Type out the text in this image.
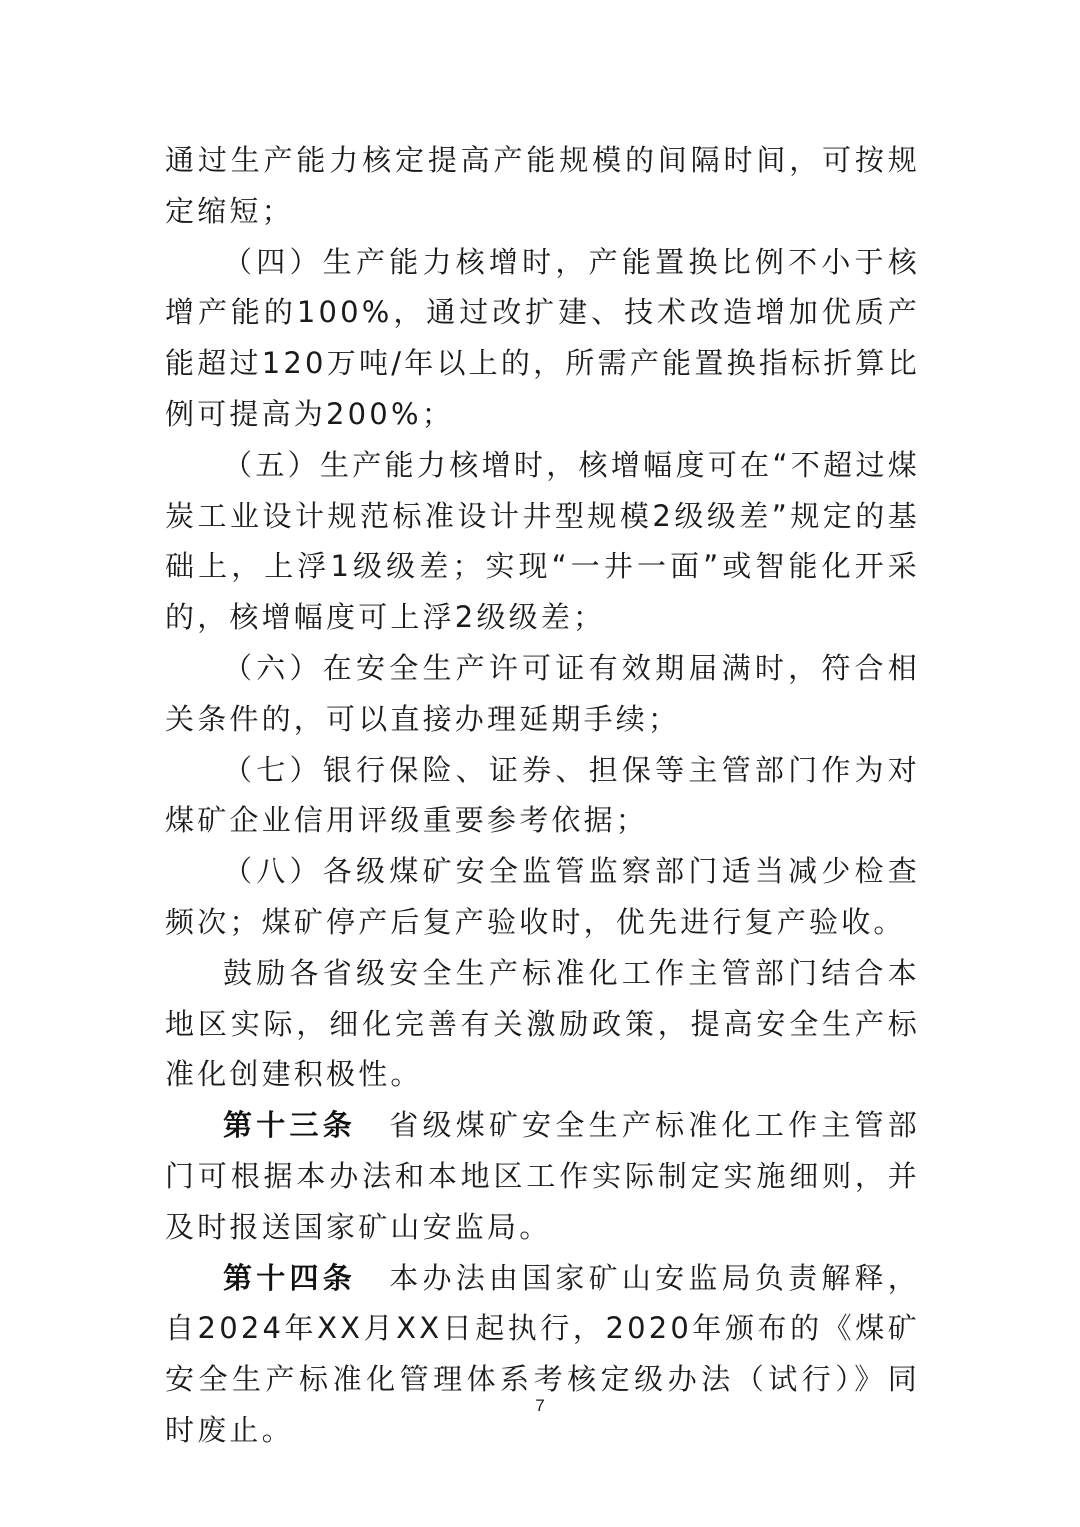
通过生产能力核定提高产能规模的间隔时间，可按规定缩短；

（四）生产能力核增时，产能置换比例不小于核增产能的100%，通过改扩建、技术改造增加优质产能超过120万吨/年以上的，所需产能置换指标折算比例可提高为200%；

（五）生产能力核增时，核增幅度可在“不超过煤炭工业设计规范标准设计井型规模2级级差”规定的基础上，上浮1级级差；实现“一井一面”或智能化开采的，核增幅度可上浮2级级差；

（六）在安全生产许可证有效期届满时，符合相关条件的，可以直接办理延期手续；

（七）银行保险、证券、担保等主管部门作为对煤矿企业信用评级重要参考依据；

（八）各级煤矿安全监管监察部门适当减少检查频次；煤矿停产后复产验收时，优先进行复产验收。

鼓励各省级安全生产标准化工作主管部门结合本地区实际，细化完善有关激励政策，提高安全生产标准化创建积极性。

第十三条  省级煤矿安全生产标准化工作主管部门可根据本办法和本地区工作实际制定实施细则，并及时报送国家矿山安监局。

第十四条  本办法由国家矿山安监局负责解释，自2024年XX月XX日起执行，2020年颁布的《煤矿安全生产标准化管理体系考核定级办法（试行）》同时废止。

7
